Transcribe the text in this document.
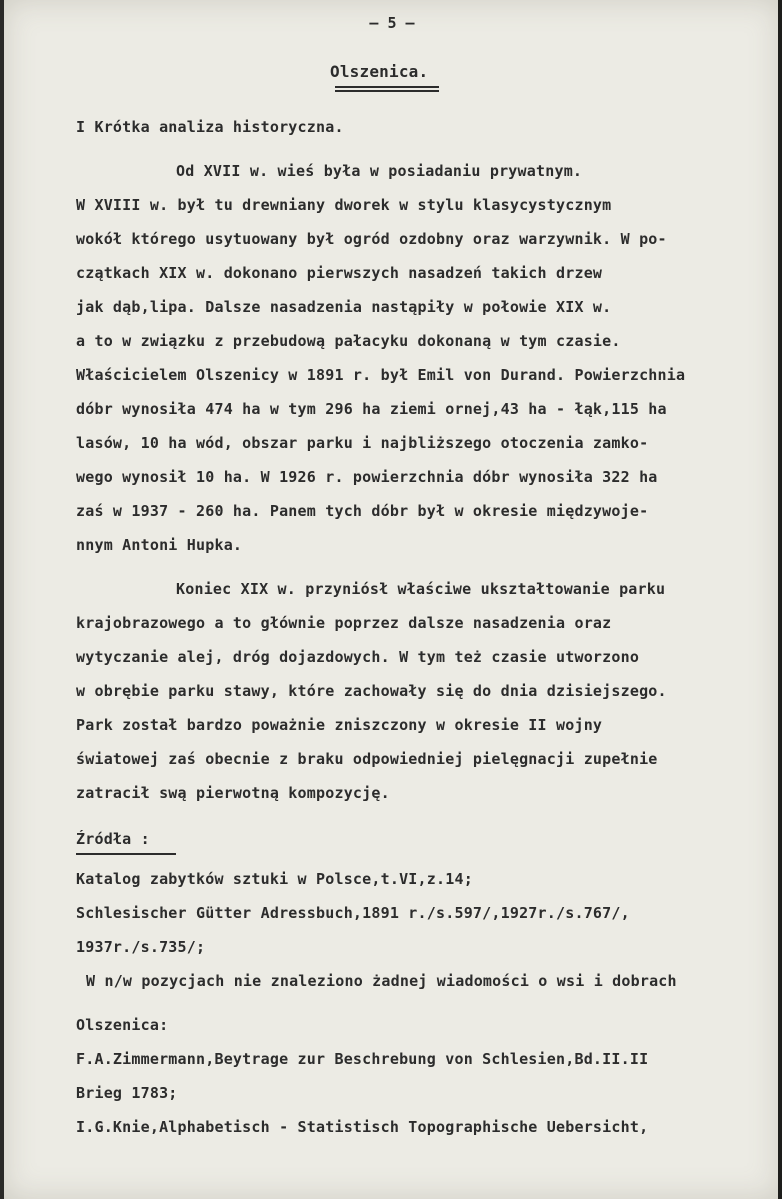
– 5 –
Olszenica.
I Krótka analiza historyczna.
Od XVII w. wieś była w posiadaniu prywatnym.
W XVIII w. był tu drewniany dworek w stylu klasycystycznym
wokół którego usytuowany był ogród ozdobny oraz warzywnik. W po-
czątkach XIX w. dokonano pierwszych nasadzeń takich drzew
jak dąb,lipa. Dalsze nasadzenia nastąpiły w połowie XIX w.
a to w związku z przebudową pałacyku dokonaną w tym czasie.
Właścicielem Olszenicy w 1891 r. był Emil von Durand. Powierzchnia
dóbr wynosiła 474 ha w tym 296 ha ziemi ornej,43 ha - łąk,115 ha
lasów, 10 ha wód, obszar parku i najbliższego otoczenia zamko-
wego wynosił 10 ha. W 1926 r. powierzchnia dóbr wynosiła 322 ha
zaś w 1937 - 260 ha. Panem tych dóbr był w okresie międzywoje-
nnym Antoni Hupka.
Koniec XIX w. przyniósł właściwe ukształtowanie parku
krajobrazowego a to głównie poprzez dalsze nasadzenia oraz
wytyczanie alej, dróg dojazdowych. W tym też czasie utworzono
w obrębie parku stawy, które zachowały się do dnia dzisiejszego.
Park został bardzo poważnie zniszczony w okresie II wojny
światowej zaś obecnie z braku odpowiedniej pielęgnacji zupełnie
zatracił swą pierwotną kompozycję.
Źródła :
Katalog zabytków sztuki w Polsce,t.VI,z.14;
Schlesischer Gütter Adressbuch,1891 r./s.597/,1927r./s.767/,
1937r./s.735/;
W n/w pozycjach nie znaleziono żadnej wiadomości o wsi i dobrach
Olszenica:
F.A.Zimmermann,Beytrage zur Beschrebung von Schlesien,Bd.II.II
Brieg 1783;
I.G.Knie,Alphabetisch - Statistisch Topographische Uebersicht,
